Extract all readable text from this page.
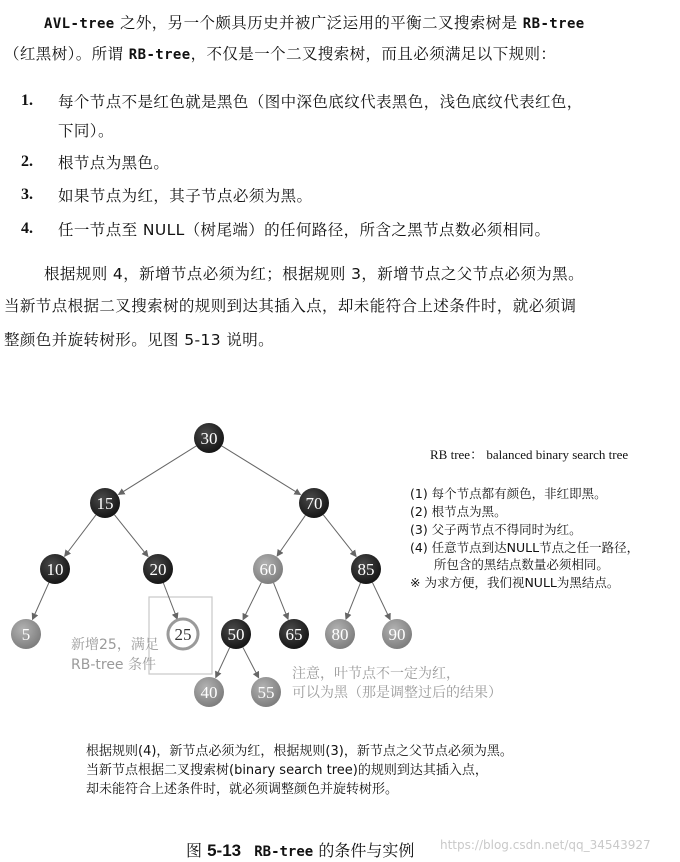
AVL-tree 之外，另一个颇具历史并被广泛运用的平衡二叉搜索树是 RB-tree
（红黑树）。所谓 RB-tree，不仅是一个二叉搜索树，而且必须满足以下规则：
1. 每个节点不是红色就是黑色（图中深色底纹代表黑色，浅色底纹代表红色，
下同）。
2. 根节点为黑色。
3. 如果节点为红，其子节点必须为黑。
4. 任一节点至 NULL（树尾端）的任何路径，所含之黑节点数必须相同。
根据规则 4，新增节点必须为红；根据规则 3，新增节点之父节点必须为黑。
当新节点根据二叉搜索树的规则到达其插入点，却未能符合上述条件时，就必须调
整颜色并旋转树形。见图 5-13 说明。
30
15	70
10	20	60	85
5	25 50 65 80 90
40 55
RB tree： balanced binary search tree
(1) 每个节点都有颜色，非红即黑。
(2) 根节点为黑。
(3) 父子两节点不得同时为红。
(4) 任意节点到达NULL节点之任一路径，
所包含的黑结点数量必须相同。
※ 为求方便，我们视NULL为黑结点。
新增25，满足
RB-tree 条件
注意，叶节点不一定为红，
可以为黑（那是调整过后的结果）
根据规则(4)，新节点必须为红，根据规则(3)，新节点之父节点必须为黑。
当新节点根据二叉搜索树(binary search tree)的规则到达其插入点，
却未能符合上述条件时，就必须调整颜色并旋转树形。
图 5-13 RB-tree 的条件与实例 https://blog.csdn.net/qq_34543927
